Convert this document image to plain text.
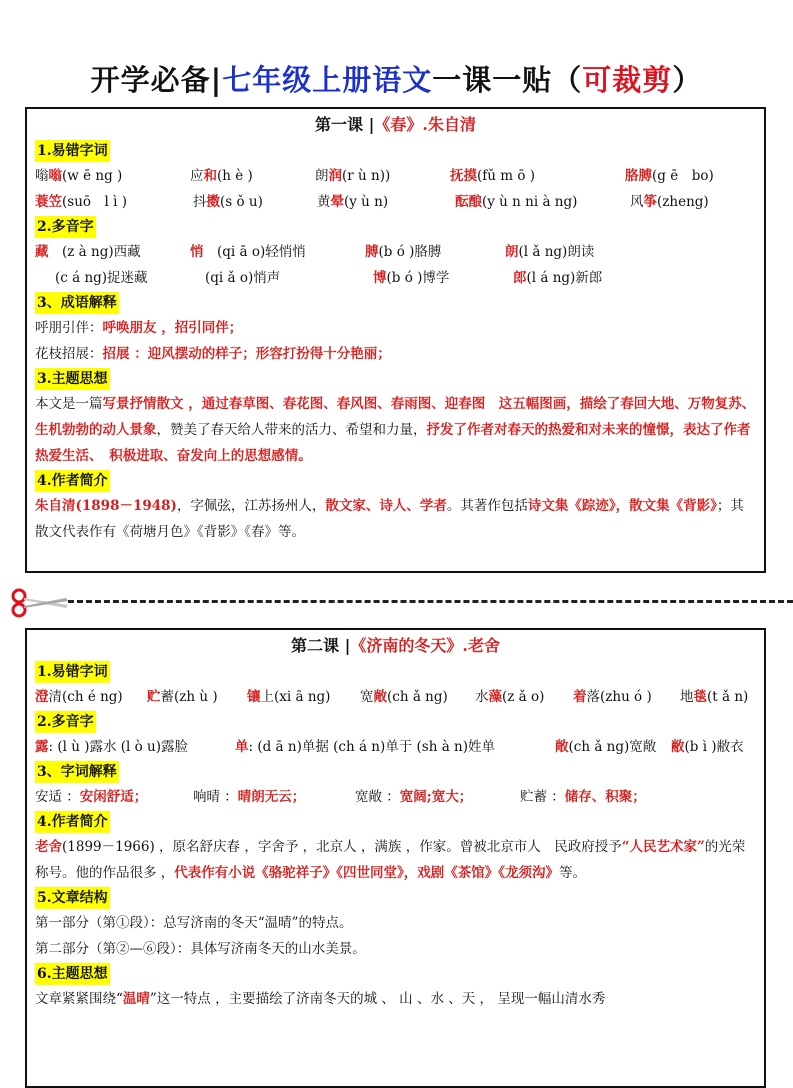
开学必备|七年级上册语文一课一贴（可裁剪）
第一课 |《春》.朱自清
1.易错字词
嗡嗡(w ē ng )	应和(h è )	朗润(r ù n))	抚摸(fǔ m ō )	胳膊(g ē　bo)
蓑笠(suō　l ì )	抖擞(s ǒ u)	黄晕(y ù n)	酝酿(y ù n ni à ng)	风筝(zheng)
2.多音字
藏　(z à ng)西藏	悄　(qi ā o)轻悄悄	膊(b ó )胳膊	朗(l ǎ ng)朗读
(c á ng)捉迷藏	(qi ǎ o)悄声	博(b ó )博学	郎(l á ng)新郎
3、成语解释
呼朋引伴：呼唤朋友 ，招引同伴；
花枝招展：招展 ：迎风摆动的样子；形容打扮得十分艳丽；
3.主题思想
本文是一篇写景抒情散文 ，通过春草图、春花图、春风图、春雨图、迎春图　这五幅图画，描绘了春回大地、万物复苏、生机勃勃的动人景象，赞美了春天给人带来的活力、希望和力量，抒发了作者对春天的热爱和对未来的憧憬，表达了作者热爱生活、　积极进取、奋发向上的思想感情。
4.作者简介
朱自清(1898－1948)，字佩弦，江苏扬州人，散文家、诗人、学者。其著作包括诗文集《踪迹》，散文集《背影》；其散文代表作有《荷塘月色》《背影》《春》等。
第二课 |《济南的冬天》.老舍
1.易错字词
澄清(ch é ng) 贮蓄(zh ù ) 镶上(xi ā ng) 宽敞(ch ǎ ng) 水藻(z ǎ o) 着落(zhu ó ) 地毯(t ǎ n)
2.多音字
露: (l ù )露水 (l ò u)露脸	单: (d ā n)单据 (ch á n)单于 (sh à n)姓单	敞(ch ǎ ng)宽敞 敝(b ì )敝衣
3、字词解释
安适 ：安闲舒适；	响晴 ：晴朗无云；	宽敞 ：宽阔;宽大；	贮蓄 ：储存、积聚；
4.作者简介
老舍(1899－1966) ，原名舒庆春 ，字舍予 ，北京人 ，满族 ，作家。曾被北京市人　民政府授予“人民艺术家”的光荣称号。他的作品很多 ，代表作有小说《骆驼祥子》《四世同堂》，戏剧《茶馆》《龙须沟》等。
5.文章结构
第一部分（第①段）：总写济南的冬天“温晴”的特点。
第二部分（第②—⑥段）：具体写济南冬天的山水美景。
6.主题思想
文章紧紧围绕“温晴”这一特点 ，主要描绘了济南冬天的城 、 山 、水 、天 ， 呈现一幅山清水秀
